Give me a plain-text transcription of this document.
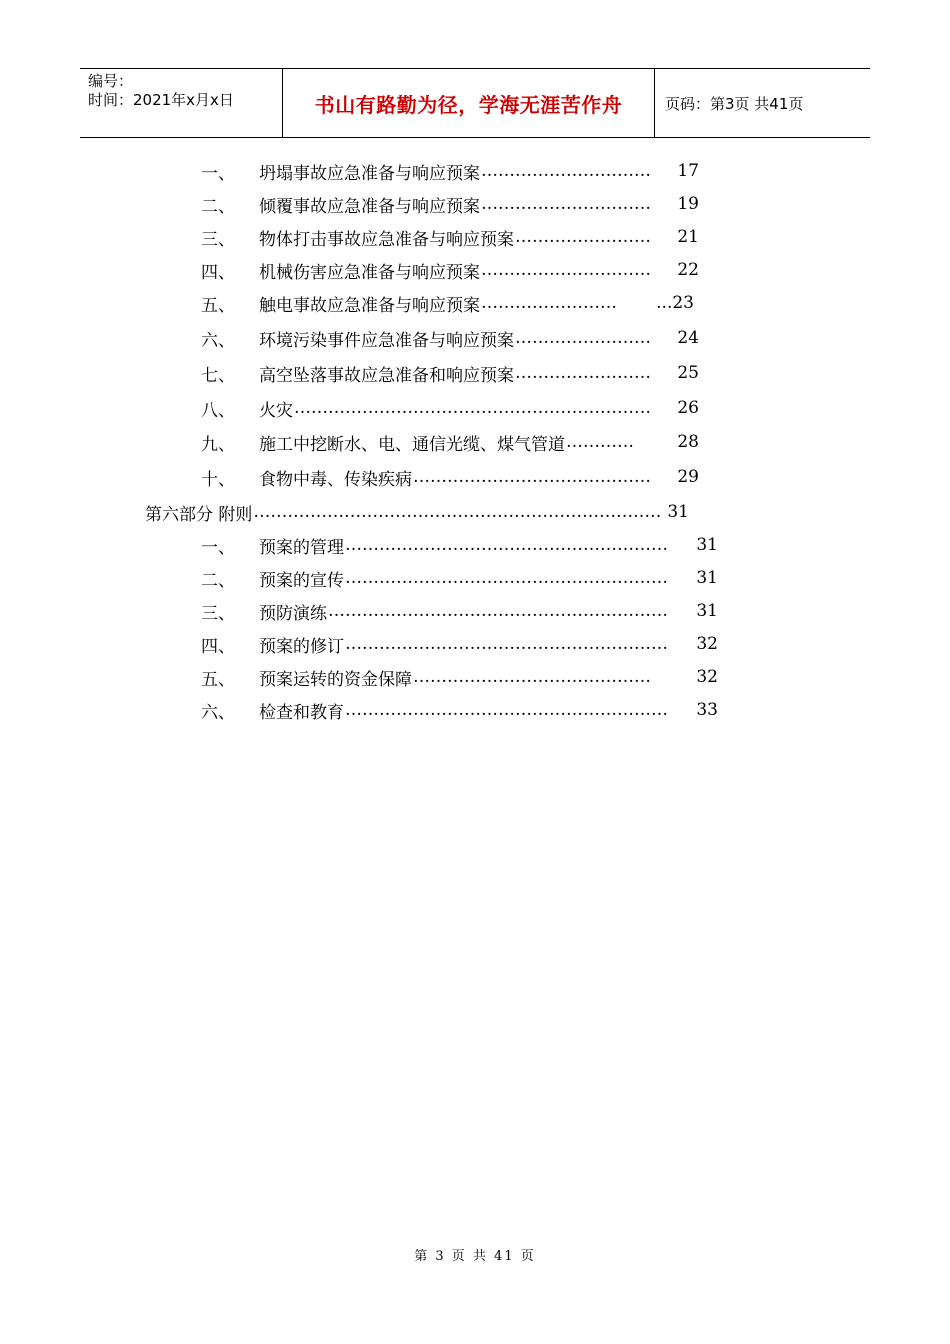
编号：
时间：2021年x月x日	书山有路勤为径，学海无涯苦作舟	页码：第3页 共41页
一、	坍塌事故应急准备与响应预案 …………………………	17
二、	倾覆事故应急准备与响应预案 …………………………	19
三、	物体打击事故应急准备与响应预案 ……………………	21
四、	机械伤害应急准备与响应预案 …………………………	22
五、	触电事故应急准备与响应预案 ……………………	...23
六、	环境污染事件应急准备与响应预案 ……………………	24
七、	高空坠落事故应急准备和响应预案 ……………………	25
八、	火灾 ………………………………………………………	26
九、	施工中挖断水、电、通信光缆、煤气管道 …………	28
十、	食物中毒、传染疾病 ……………………………………	29
第六部分 附则 ……………………………………………………………… 31
一、	预案的管理 …………………………………………………	31
二、	预案的宣传 …………………………………………………	31
三、	预防演练 ……………………………………………………	31
四、	预案的修订 …………………………………………………	32
五、	预案运转的资金保障 ……………………………………	32
六、	检查和教育 …………………………………………………	33
第 3 页 共 41 页
